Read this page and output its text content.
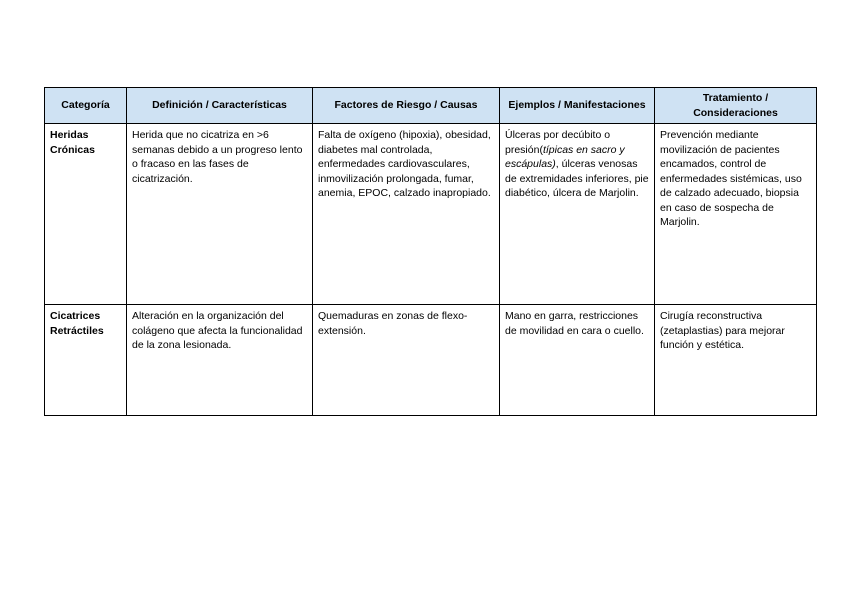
Categoría	Definición / Características	Factores de Riesgo / Causas	Ejemplos / Manifestaciones	Tratamiento / Consideraciones
Heridas Crónicas	Herida que no cicatriza en >6 semanas debido a un progreso lento o fracaso en las fases de cicatrización.	Falta de oxígeno (hipoxia), obesidad, diabetes mal controlada, enfermedades cardiovasculares, inmovilización prolongada, fumar, anemia, EPOC, calzado inapropiado.	Úlceras por decúbito o presión(típicas en sacro y escápulas), úlceras venosas de extremidades inferiores, pie diabético, úlcera de Marjolin.	Prevención mediante movilización de pacientes encamados, control de enfermedades sistémicas, uso de calzado adecuado, biopsia en caso de sospecha de Marjolin.
Cicatrices Retráctiles	Alteración en la organización del colágeno que afecta la funcionalidad de la zona lesionada.	Quemaduras en zonas de flexo-extensión.	Mano en garra, restricciones de movilidad en cara o cuello.	Cirugía reconstructiva (zetaplastias) para mejorar función y estética.
